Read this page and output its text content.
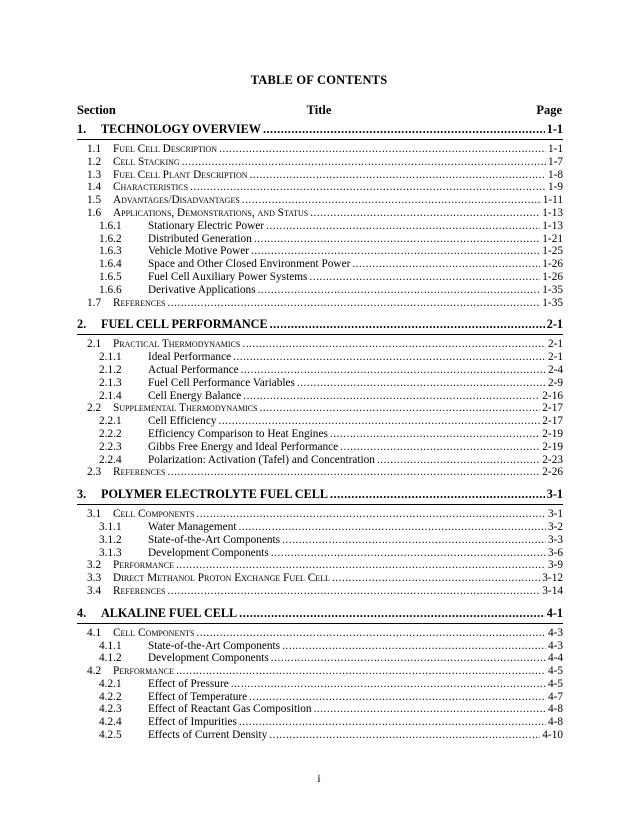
TABLE OF CONTENTS
Section	Title	Page
1.	TECHNOLOGY OVERVIEW .....	1-1
1.1	Fuel Cell Description .....	1-1
1.2	Cell Stacking .....	1-7
1.3	Fuel Cell Plant Description .....	1-8
1.4	Characteristics .....	1-9
1.5	Advantages/Disadvantages .....	1-11
1.6	Applications, Demonstrations, and Status .....	1-13
1.6.1	Stationary Electric Power .....	1-13
1.6.2	Distributed Generation .....	1-21
1.6.3	Vehicle Motive Power .....	1-25
1.6.4	Space and Other Closed Environment Power .....	1-26
1.6.5	Fuel Cell Auxiliary Power Systems .....	1-26
1.6.6	Derivative Applications .....	1-35
1.7	References .....	1-35
2.	FUEL CELL PERFORMANCE .....	2-1
2.1	Practical Thermodynamics .....	2-1
2.1.1	Ideal Performance .....	2-1
2.1.2	Actual Performance .....	2-4
2.1.3	Fuel Cell Performance Variables .....	2-9
2.1.4	Cell Energy Balance .....	2-16
2.2	Supplemental Thermodynamics .....	2-17
2.2.1	Cell Efficiency .....	2-17
2.2.2	Efficiency Comparison to Heat Engines .....	2-19
2.2.3	Gibbs Free Energy and Ideal Performance .....	2-19
2.2.4	Polarization: Activation (Tafel) and Concentration .....	2-23
2.3	References .....	2-26
3.	POLYMER ELECTROLYTE FUEL CELL .....	3-1
3.1	Cell Components .....	3-1
3.1.1	Water Management .....	3-2
3.1.2	State-of-the-Art Components .....	3-3
3.1.3	Development Components .....	3-6
3.2	Performance .....	3-9
3.3	Direct Methanol Proton Exchange Fuel Cell .....	3-12
3.4	References .....	3-14
4.	ALKALINE FUEL CELL .....	4-1
4.1	Cell Components .....	4-3
4.1.1	State-of-the-Art Components .....	4-3
4.1.2	Development Components .....	4-4
4.2	Performance .....	4-5
4.2.1	Effect of Pressure .....	4-5
4.2.2	Effect of Temperature .....	4-7
4.2.3	Effect of Reactant Gas Composition .....	4-8
4.2.4	Effect of Impurities .....	4-8
4.2.5	Effects of Current Density .....	4-10
i
